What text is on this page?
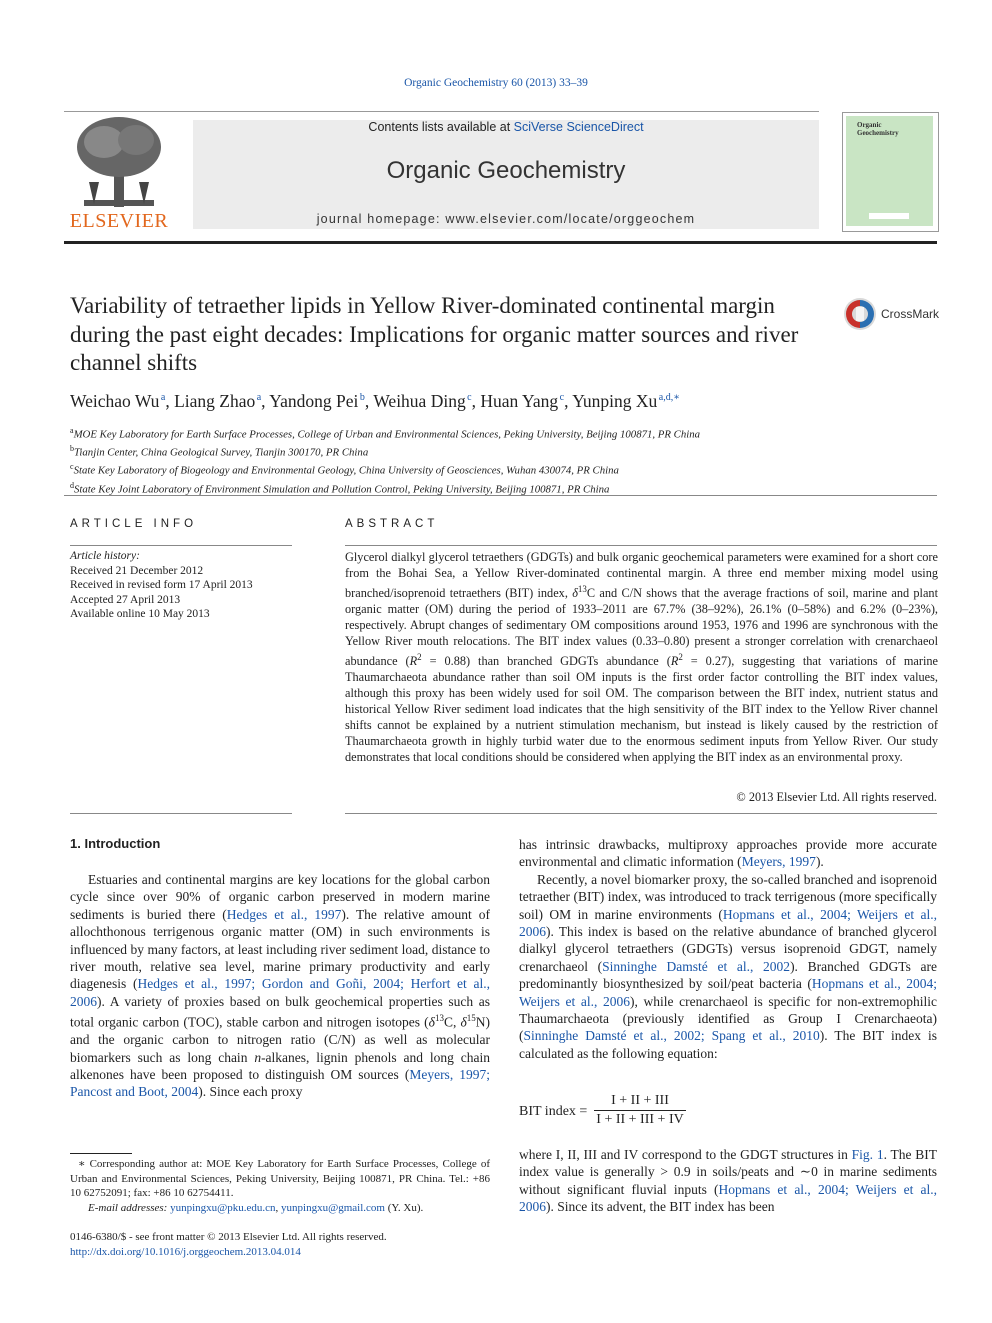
Organic Geochemistry 60 (2013) 33–39
ELSEVIER
Contents lists available at SciVerse ScienceDirect
Organic Geochemistry
journal homepage: www.elsevier.com/locate/orggeochem
Organic
Geochemistry
Variability of tetraether lipids in Yellow River-dominated continental margin during the past eight decades: Implications for organic matter sources and river channel shifts
CrossMark
Weichao Wu $^a$, Liang Zhao $^a$, Yandong Pei $^b$, Weihua Ding $^c$, Huan Yang $^c$, Yunping Xu $^{a,d,∗}$
$^a$MOE Key Laboratory for Earth Surface Processes, College of Urban and Environmental Sciences, Peking University, Beijing 100871, PR China
$^b$Tianjin Center, China Geological Survey, Tianjin 300170, PR China
$^c$State Key Laboratory of Biogeology and Environmental Geology, China University of Geosciences, Wuhan 430074, PR China
$^d$State Key Joint Laboratory of Environment Simulation and Pollution Control, Peking University, Beijing 100871, PR China
ARTICLE INFO
Article history:
Received 21 December 2012
Received in revised form 17 April 2013
Accepted 27 April 2013
Available online 10 May 2013
ABSTRACT
Glycerol dialkyl glycerol tetraethers (GDGTs) and bulk organic geochemical parameters were examined for a short core from the Bohai Sea, a Yellow River-dominated continental margin. A three end member mixing model using branched/isoprenoid tetraethers (BIT) index, $\delta^{13}C$ and C/N shows that the average fractions of soil, marine and plant organic matter (OM) during the period of 1933–2011 are 67.7% (38–92%), 26.1% (0–58%) and 6.2% (0–23%), respectively. Abrupt changes of sedimentary OM compositions around 1953, 1976 and 1996 are synchronous with the Yellow River mouth relocations. The BIT index values (0.33–0.80) present a stronger correlation with crenarchaeol abundance $(R^2 = 0.88)$ than branched GDGTs abundance $(R^2 = 0.27)$, suggesting that variations of marine Thaumarchaeota abundance rather than soil OM inputs is the first order factor controlling the BIT index values, although this proxy has been widely used for soil OM. The comparison between the BIT index, nutrient status and historical Yellow River sediment load indicates that the high sensitivity of the BIT index to the Yellow River channel shifts cannot be explained by a nutrient stimulation mechanism, but instead is likely caused by the restriction of Thaumarchaeota growth in highly turbid water due to the enormous sediment inputs from Yellow River. Our study demonstrates that local conditions should be considered when applying the BIT index as an environmental proxy.
© 2013 Elsevier Ltd. All rights reserved.
1. Introduction

Estuaries and continental margins are key locations for the global carbon cycle since over 90% of organic carbon preserved in modern marine sediments is buried there (Hedges et al., 1997). The relative amount of allochthonous terrigenous organic matter (OM) in such environments is influenced by many factors, at least including river sediment load, distance to river mouth, relative sea level, marine primary productivity and early diagenesis (Hedges et al., 1997; Gordon and Goñi, 2004; Herfort et al., 2006). A variety of proxies based on bulk geochemical properties such as total organic carbon (TOC), stable carbon and nitrogen isotopes ($\delta^{13}C$, $\delta^{15}N$) and the organic carbon to nitrogen ratio (C/N) as well as molecular biomarkers such as long chain n-alkanes, lignin phenols and long chain alkenones have been proposed to distinguish OM sources (Meyers, 1997; Pancost and Boot, 2004). Since each proxy

∗ Corresponding author at: MOE Key Laboratory for Earth Surface Processes, College of Urban and Environmental Sciences, Peking University, Beijing 100871, PR China. Tel.: +86 10 62752091; fax: +86 10 62754411.
E-mail addresses: yunpingxu@pku.edu.cn, yunpingxu@gmail.com (Y. Xu).
0146-6380/$ - see front matter © 2013 Elsevier Ltd. All rights reserved.
http://dx.doi.org/10.1016/j.orggeochem.2013.04.014

has intrinsic drawbacks, multiproxy approaches provide more accurate environmental and climatic information (Meyers, 1997).

Recently, a novel biomarker proxy, the so-called branched and isoprenoid tetraether (BIT) index, was introduced to track terrigenous (more specifically soil) OM in marine environments (Hopmans et al., 2004; Weijers et al., 2006). This index is based on the relative abundance of branched glycerol dialkyl glycerol tetraethers (GDGTs) versus isoprenoid GDGT, namely crenarchaeol (Sinninghe Damsté et al., 2002). Branched GDGTs are predominantly biosynthesized by soil/peat bacteria (Hopmans et al., 2004; Weijers et al., 2006), while crenarchaeol is specific for non-extremophilic Thaumarchaeota (previously identified as Group I Crenarchaeota) (Sinninghe Damsté et al., 2002; Spang et al., 2010). The BIT index is calculated as the following equation:

BIT index =
I + II + III
I + II + III + IV

where I, II, III and IV correspond to the GDGT structures in Fig. 1. The BIT index value is generally > 0.9 in soils/peats and ∼0 in marine sediments without significant fluvial inputs (Hopmans et al., 2004; Weijers et al., 2006). Since its advent, the BIT index has been
